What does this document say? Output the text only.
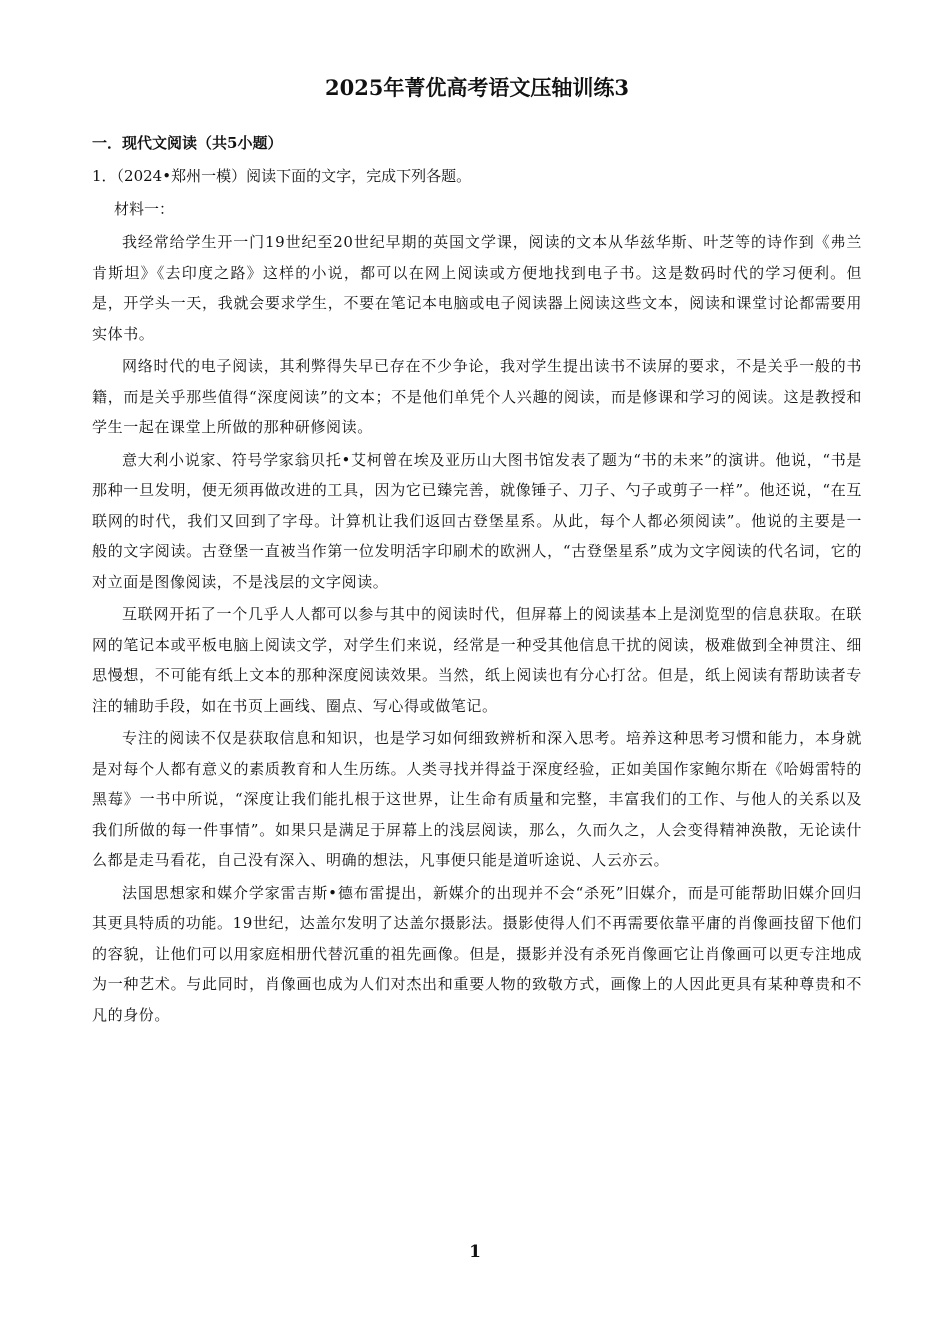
2025年菁优高考语文压轴训练3
一．现代文阅读（共5小题）
1．（2024•郑州一模）阅读下面的文字，完成下列各题。
材料一：

我经常给学生开一门19世纪至20世纪早期的英国文学课，阅读的文本从华兹华斯、叶芝等的诗作到《弗兰肯斯坦》《去印度之路》这样的小说，都可以在网上阅读或方便地找到电子书。这是数码时代的学习便利。但是，开学头一天，我就会要求学生，不要在笔记本电脑或电子阅读器上阅读这些文本，阅读和课堂讨论都需要用实体书。

网络时代的电子阅读，其利弊得失早已存在不少争论，我对学生提出读书不读屏的要求，不是关乎一般的书籍，而是关乎那些值得“深度阅读”的文本；不是他们单凭个人兴趣的阅读，而是修课和学习的阅读。这是教授和学生一起在课堂上所做的那种研修阅读。

意大利小说家、符号学家翁贝托•艾柯曾在埃及亚历山大图书馆发表了题为“书的未来”的演讲。他说，“书是那种一旦发明，便无须再做改进的工具，因为它已臻完善，就像锤子、刀子、勺子或剪子一样”。他还说，“在互联网的时代，我们又回到了字母。计算机让我们返回古登堡星系。从此，每个人都必须阅读”。他说的主要是一般的文字阅读。古登堡一直被当作第一位发明活字印刷术的欧洲人，“古登堡星系”成为文字阅读的代名词，它的对立面是图像阅读，不是浅层的文字阅读。

互联网开拓了一个几乎人人都可以参与其中的阅读时代，但屏幕上的阅读基本上是浏览型的信息获取。在联网的笔记本或平板电脑上阅读文学，对学生们来说，经常是一种受其他信息干扰的阅读，极难做到全神贯注、细思慢想，不可能有纸上文本的那种深度阅读效果。当然，纸上阅读也有分心打岔。但是，纸上阅读有帮助读者专注的辅助手段，如在书页上画线、圈点、写心得或做笔记。

专注的阅读不仅是获取信息和知识，也是学习如何细致辨析和深入思考。培养这种思考习惯和能力，本身就是对每个人都有意义的素质教育和人生历练。人类寻找并得益于深度经验，正如美国作家鲍尔斯在《哈姆雷特的黑莓》一书中所说，“深度让我们能扎根于这世界，让生命有质量和完整，丰富我们的工作、与他人的关系以及我们所做的每一件事情”。如果只是满足于屏幕上的浅层阅读，那么，久而久之，人会变得精神涣散，无论读什么都是走马看花，自己没有深入、明确的想法，凡事便只能是道听途说、人云亦云。

法国思想家和媒介学家雷吉斯•德布雷提出，新媒介的出现并不会“杀死”旧媒介，而是可能帮助旧媒介回归其更具特质的功能。19世纪，达盖尔发明了达盖尔摄影法。摄影使得人们不再需要依靠平庸的肖像画技留下他们的容貌，让他们可以用家庭相册代替沉重的祖先画像。但是，摄影并没有杀死肖像画它让肖像画可以更专注地成为一种艺术。与此同时，肖像画也成为人们对杰出和重要人物的致敬方式，画像上的人因此更具有某种尊贵和不凡的身份。

1
